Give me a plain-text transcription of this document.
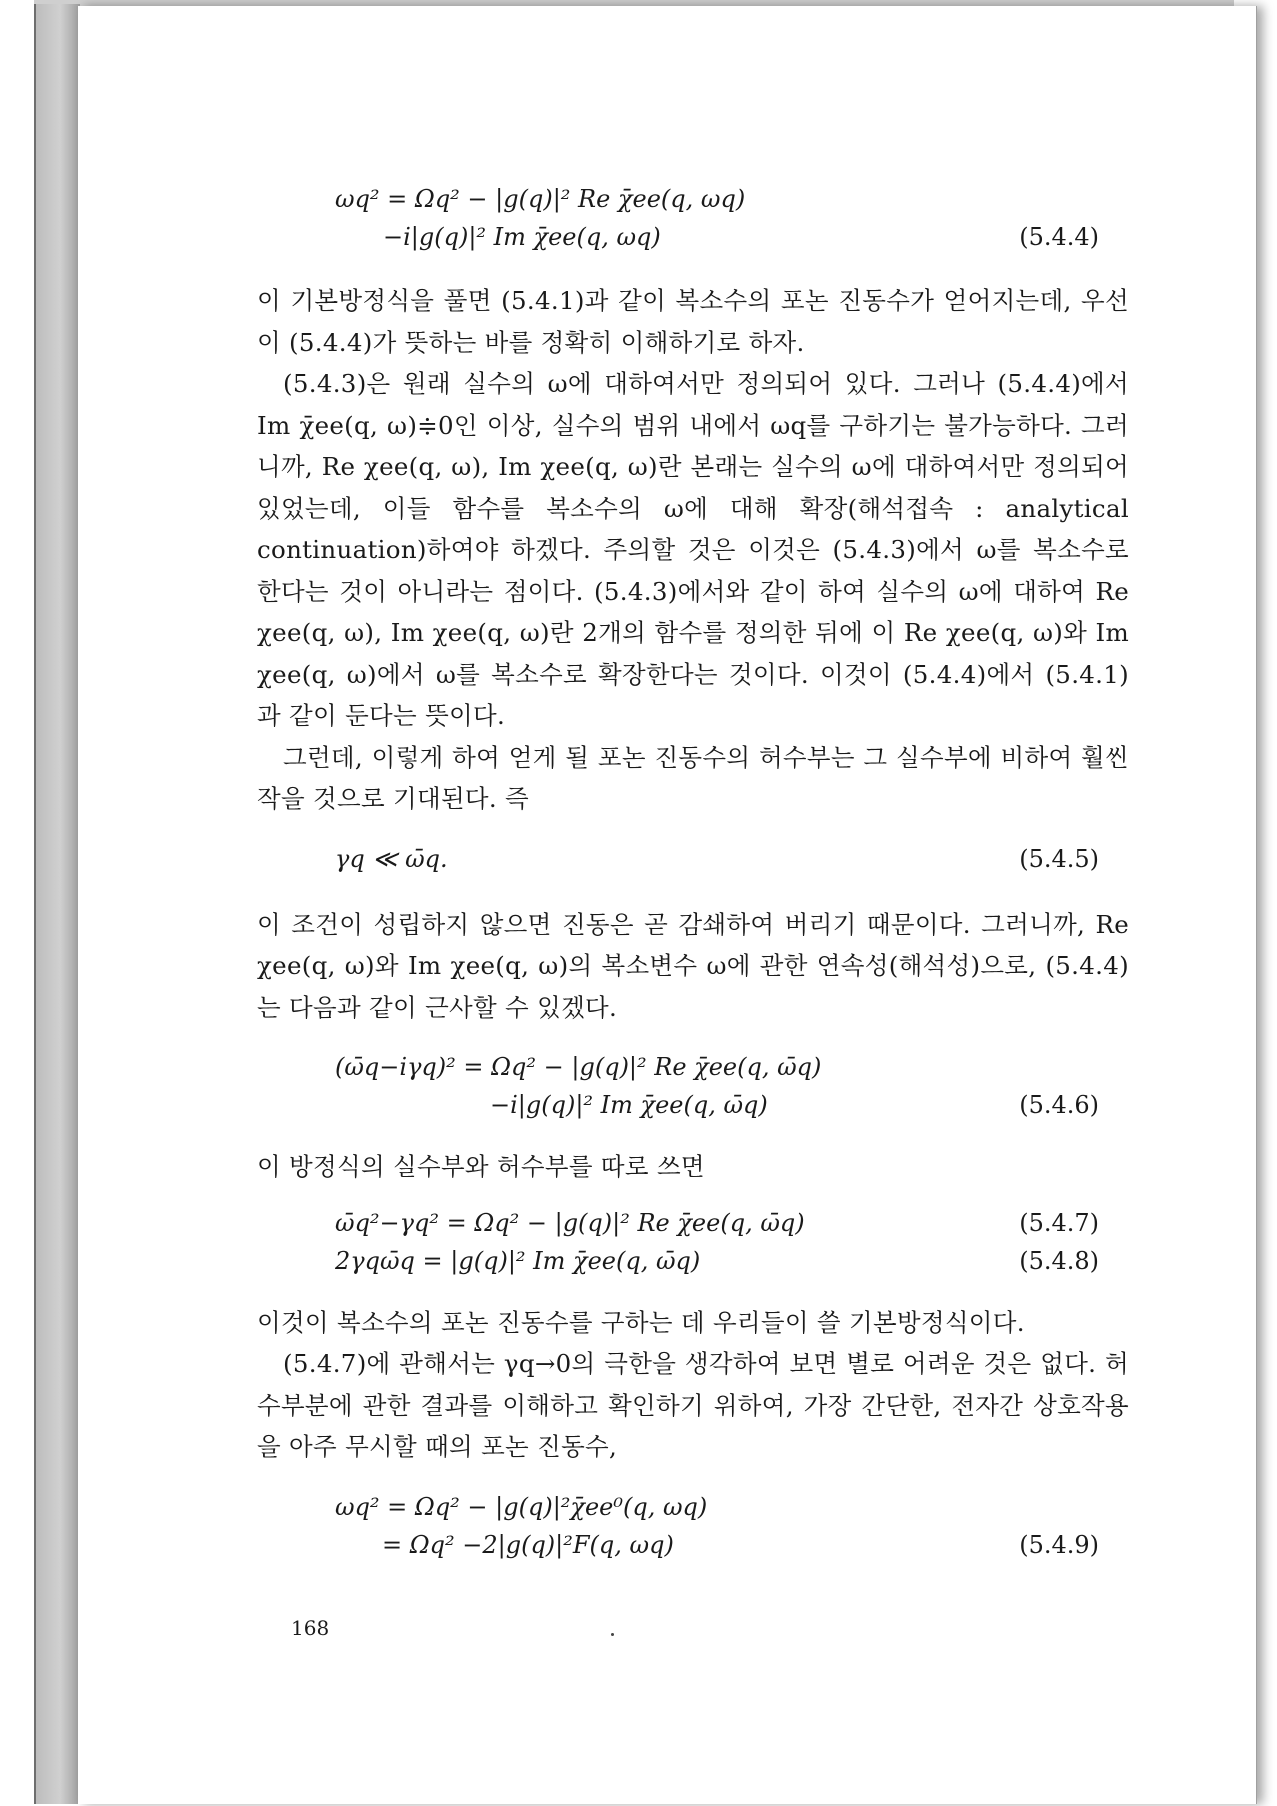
ωq² = Ωq² − |g(q)|² Re χ̄ee(q, ωq)
−i|g(q)|² Im χ̄ee(q, ωq)	(5.4.4)

이 기본방정식을 풀면 (5.4.1)과 같이 복소수의 포논 진동수가 얻어지는데, 우선 이 (5.4.4)가 뜻하는 바를 정확히 이해하기로 하자.

(5.4.3)은 원래 실수의 ω에 대하여서만 정의되어 있다. 그러나 (5.4.4)에서 Im χ̄ee(q, ω)≑0인 이상, 실수의 범위 내에서 ωq를 구하기는 불가능하다. 그러니까, Re χee(q, ω), Im χee(q, ω)란 본래는 실수의 ω에 대하여서만 정의되어 있었는데, 이들 함수를 복소수의 ω에 대해 확장(해석접속 : analytical continuation)하여야 하겠다. 주의할 것은 이것은 (5.4.3)에서 ω를 복소수로 한다는 것이 아니라는 점이다. (5.4.3)에서와 같이 하여 실수의 ω에 대하여 Re χee(q, ω), Im χee(q, ω)란 2개의 함수를 정의한 뒤에 이 Re χee(q, ω)와 Im χee(q, ω)에서 ω를 복소수로 확장한다는 것이다. 이것이 (5.4.4)에서 (5.4.1)과 같이 둔다는 뜻이다.

그런데, 이렇게 하여 얻게 될 포논 진동수의 허수부는 그 실수부에 비하여 훨씬 작을 것으로 기대된다. 즉

γq ≪ ω̄q.	(5.4.5)

이 조건이 성립하지 않으면 진동은 곧 감쇄하여 버리기 때문이다. 그러니까, Re χee(q, ω)와 Im χee(q, ω)의 복소변수 ω에 관한 연속성(해석성)으로, (5.4.4)는 다음과 같이 근사할 수 있겠다.

(ω̄q−iγq)² = Ωq² − |g(q)|² Re χ̄ee(q, ω̄q)
−i|g(q)|² Im χ̄ee(q, ω̄q)	(5.4.6)

이 방정식의 실수부와 허수부를 따로 쓰면

ω̄q²−γq² = Ωq² − |g(q)|² Re χ̄ee(q, ω̄q)	(5.4.7)
2γqω̄q = |g(q)|² Im χ̄ee(q, ω̄q)	(5.4.8)

이것이 복소수의 포논 진동수를 구하는 데 우리들이 쓸 기본방정식이다.

(5.4.7)에 관해서는 γq→0의 극한을 생각하여 보면 별로 어려운 것은 없다. 허수부분에 관한 결과를 이해하고 확인하기 위하여, 가장 간단한, 전자간 상호작용을 아주 무시할 때의 포논 진동수,

ωq² = Ωq² − |g(q)|²χ̄ee⁰(q, ωq)
= Ωq² −2|g(q)|²F(q, ωq)	(5.4.9)
168
